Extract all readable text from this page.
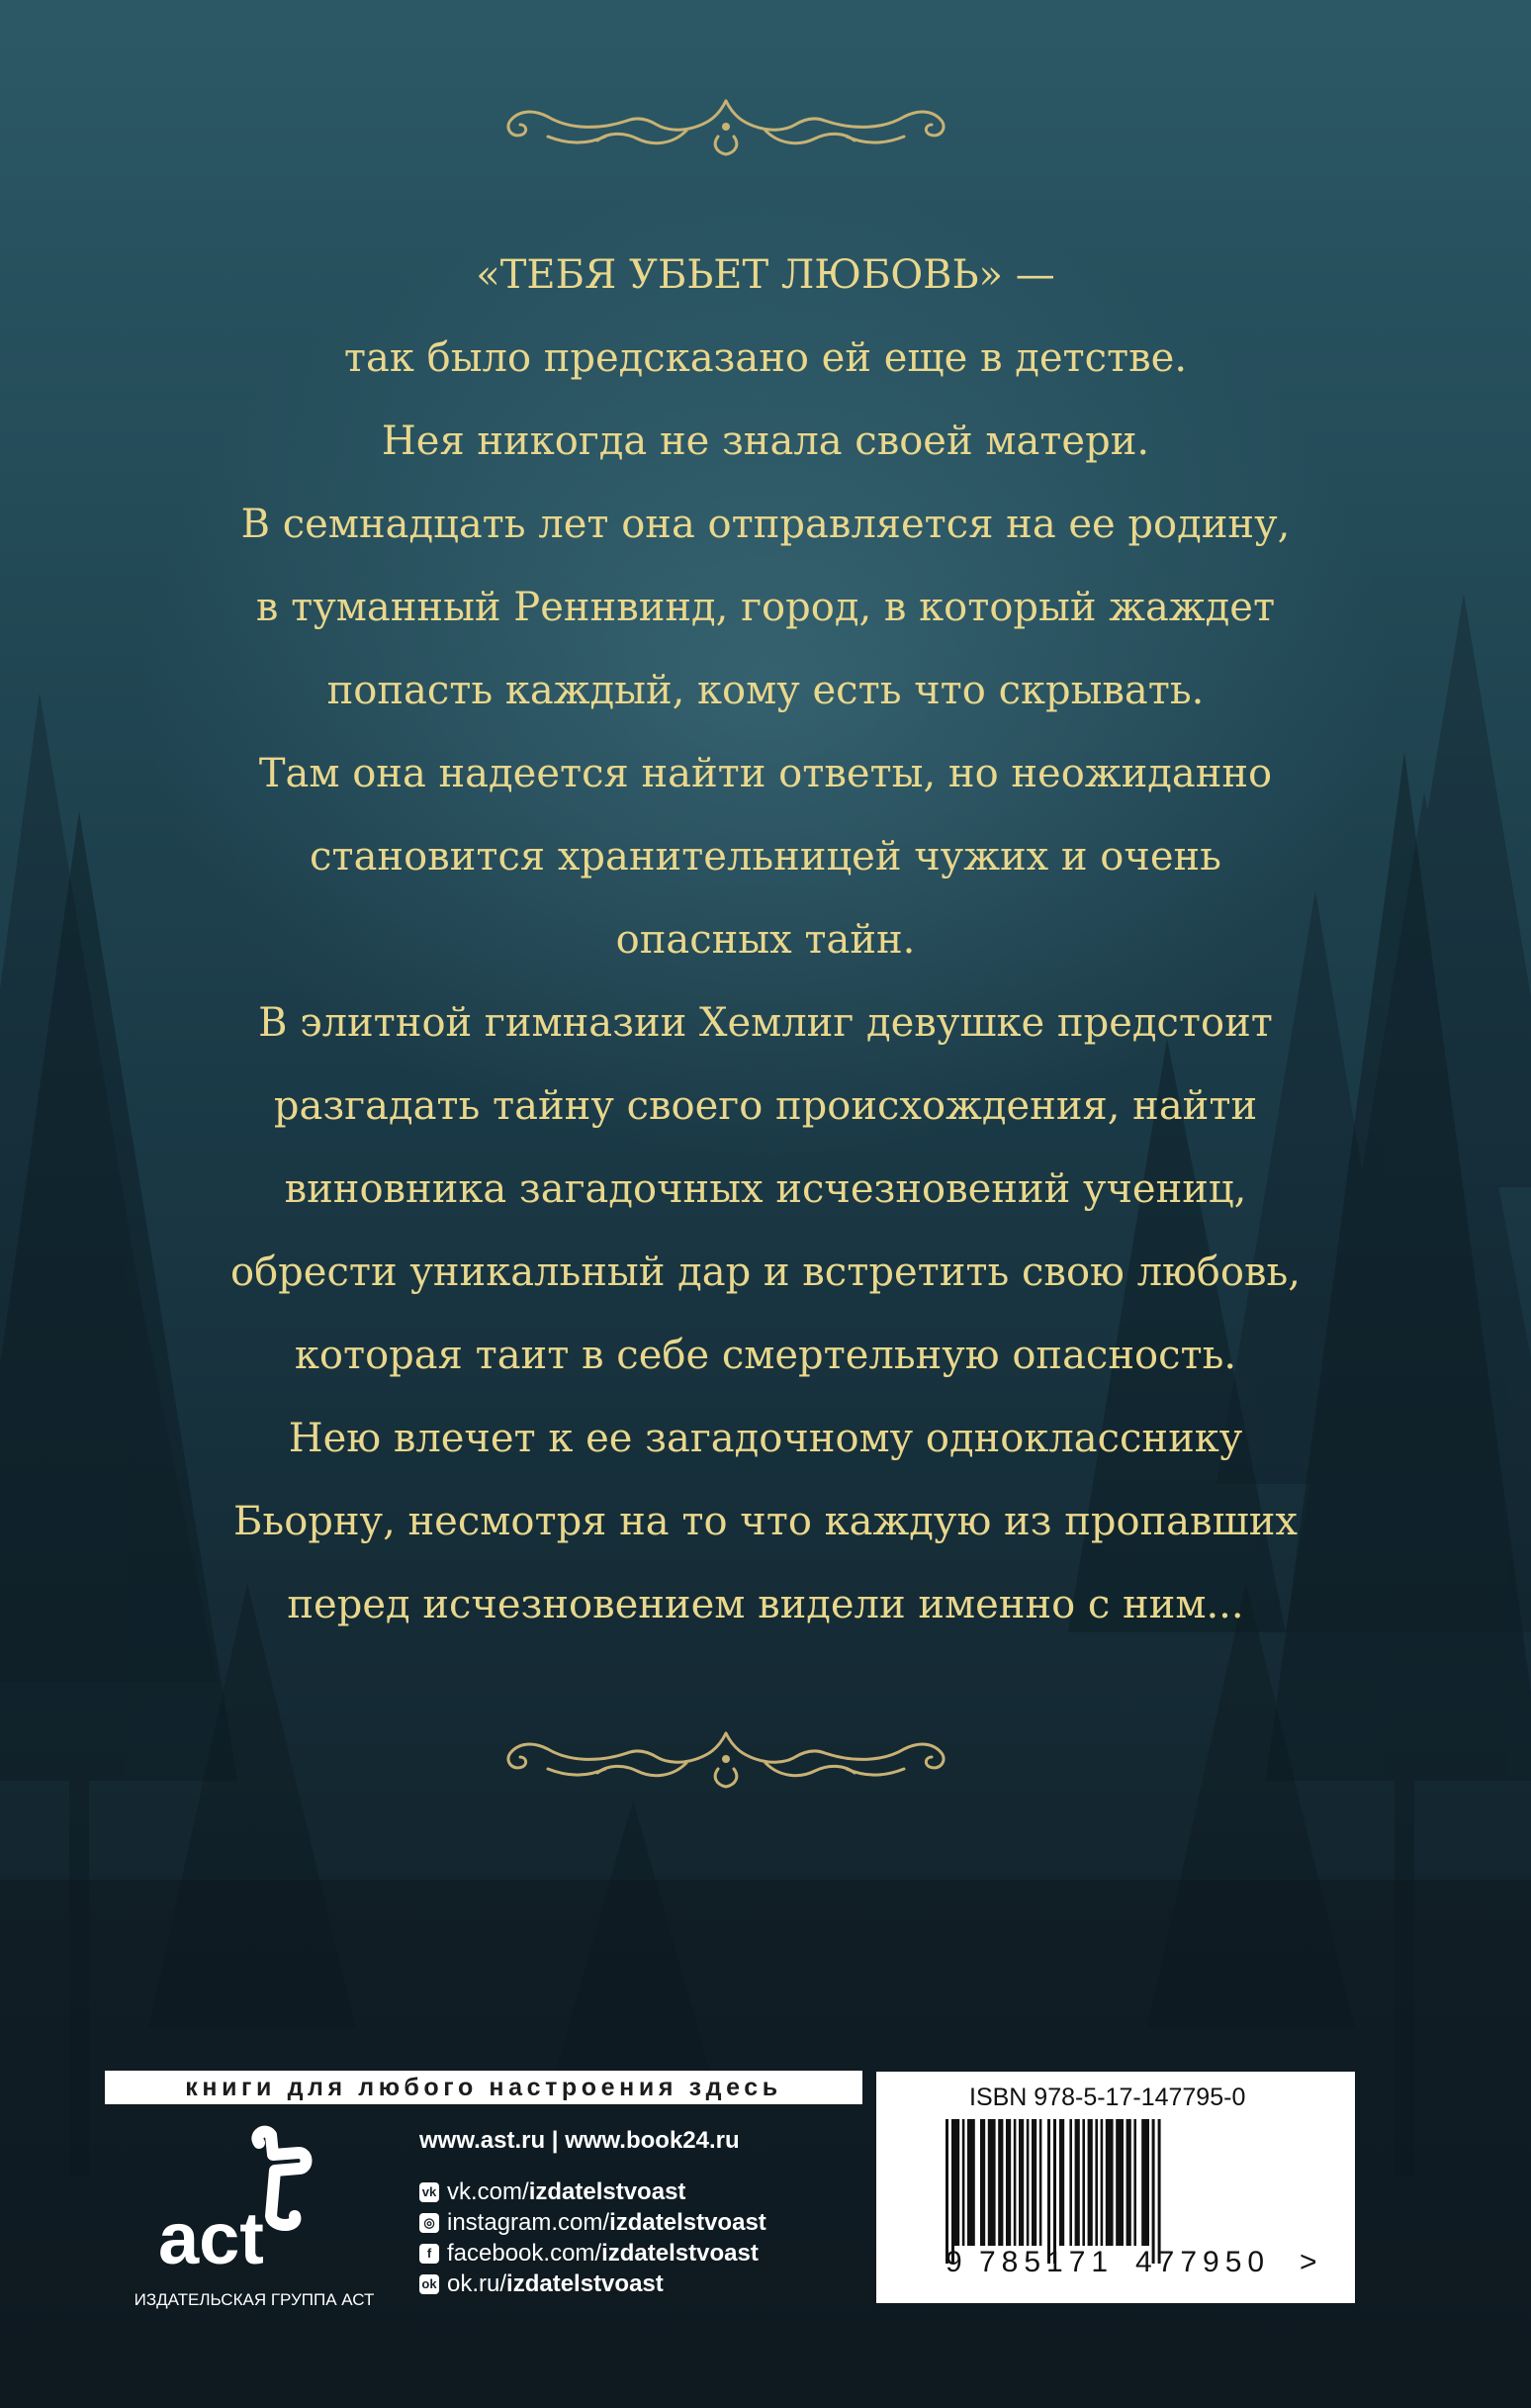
«ТЕБЯ УБЬЕТ ЛЮБОВЬ» —
так было предсказано ей еще в детстве.
Нея никогда не знала своей матери.
В семнадцать лет она отправляется на ее родину,
в туманный Реннвинд, город, в который жаждет
попасть каждый, кому есть что скрывать.
Там она надеется найти ответы, но неожиданно
становится хранительницей чужих и очень
опасных тайн.
В элитной гимназии Хемлиг девушке предстоит
разгадать тайну своего происхождения, найти
виновника загадочных исчезновений учениц,
обрести уникальный дар и встретить свою любовь,
которая таит в себе смертельную опасность.
Нею влечет к ее загадочному однокласснику
Бьорну, несмотря на то что каждую из пропавших
перед исчезновением видели именно с ним...
книги для любого настроения здесь
act
ИЗДАТЕЛЬСКАЯ ГРУППА АСТ
www.ast.ru | www.book24.ru
vk vk.com/ izdatelstvoast
◎ instagram.com/ izdatelstvoast
f facebook.com/ izdatelstvoast
ok ok.ru/ izdatelstvoast
ISBN 978-5-17-147795-0
9 785171 477950 >
